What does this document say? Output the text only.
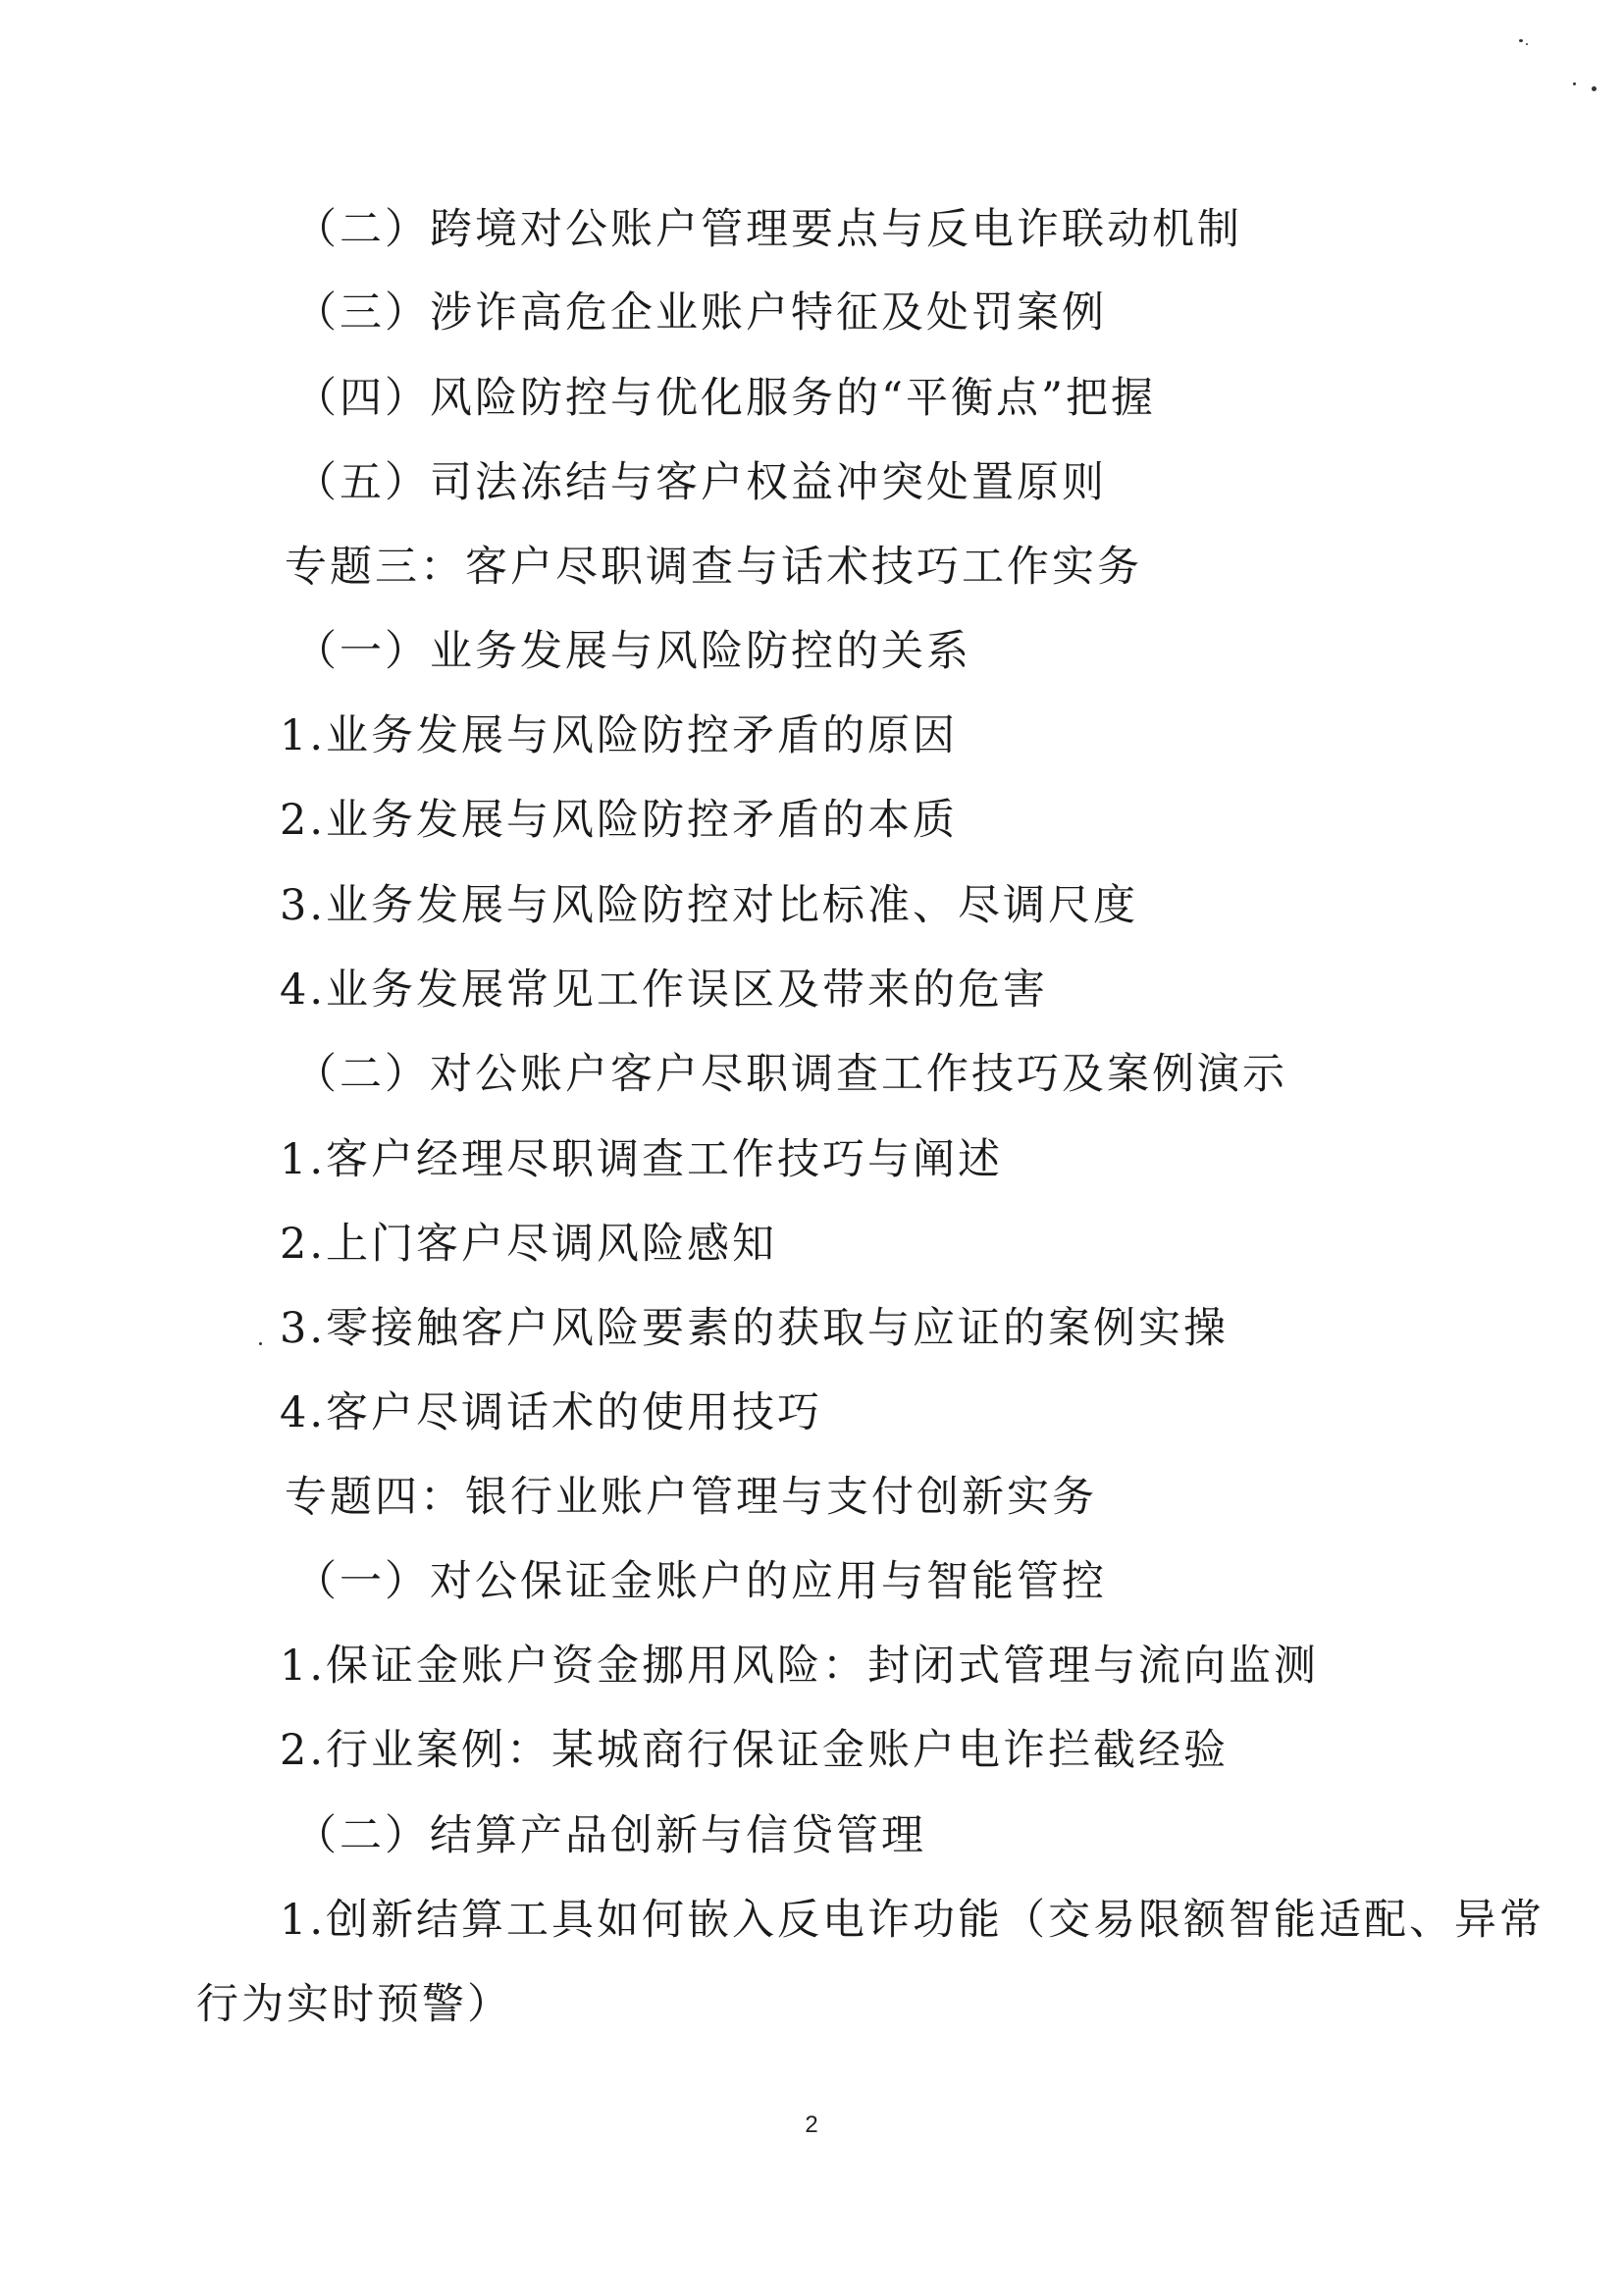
（二）跨境对公账户管理要点与反电诈联动机制
（三）涉诈高危企业账户特征及处罚案例
（四）风险防控与优化服务的“平衡点”把握
（五）司法冻结与客户权益冲突处置原则
专题三：客户尽职调查与话术技巧工作实务
（一）业务发展与风险防控的关系
1.业务发展与风险防控矛盾的原因
2.业务发展与风险防控矛盾的本质
3.业务发展与风险防控对比标准、尽调尺度
4.业务发展常见工作误区及带来的危害
（二）对公账户客户尽职调查工作技巧及案例演示
1.客户经理尽职调查工作技巧与阐述
2.上门客户尽调风险感知
3.零接触客户风险要素的获取与应证的案例实操
4.客户尽调话术的使用技巧
专题四：银行业账户管理与支付创新实务
（一）对公保证金账户的应用与智能管控
1.保证金账户资金挪用风险：封闭式管理与流向监测
2.行业案例：某城商行保证金账户电诈拦截经验
（二）结算产品创新与信贷管理
1.创新结算工具如何嵌入反电诈功能（交易限额智能适配、异常
行为实时预警）
2
